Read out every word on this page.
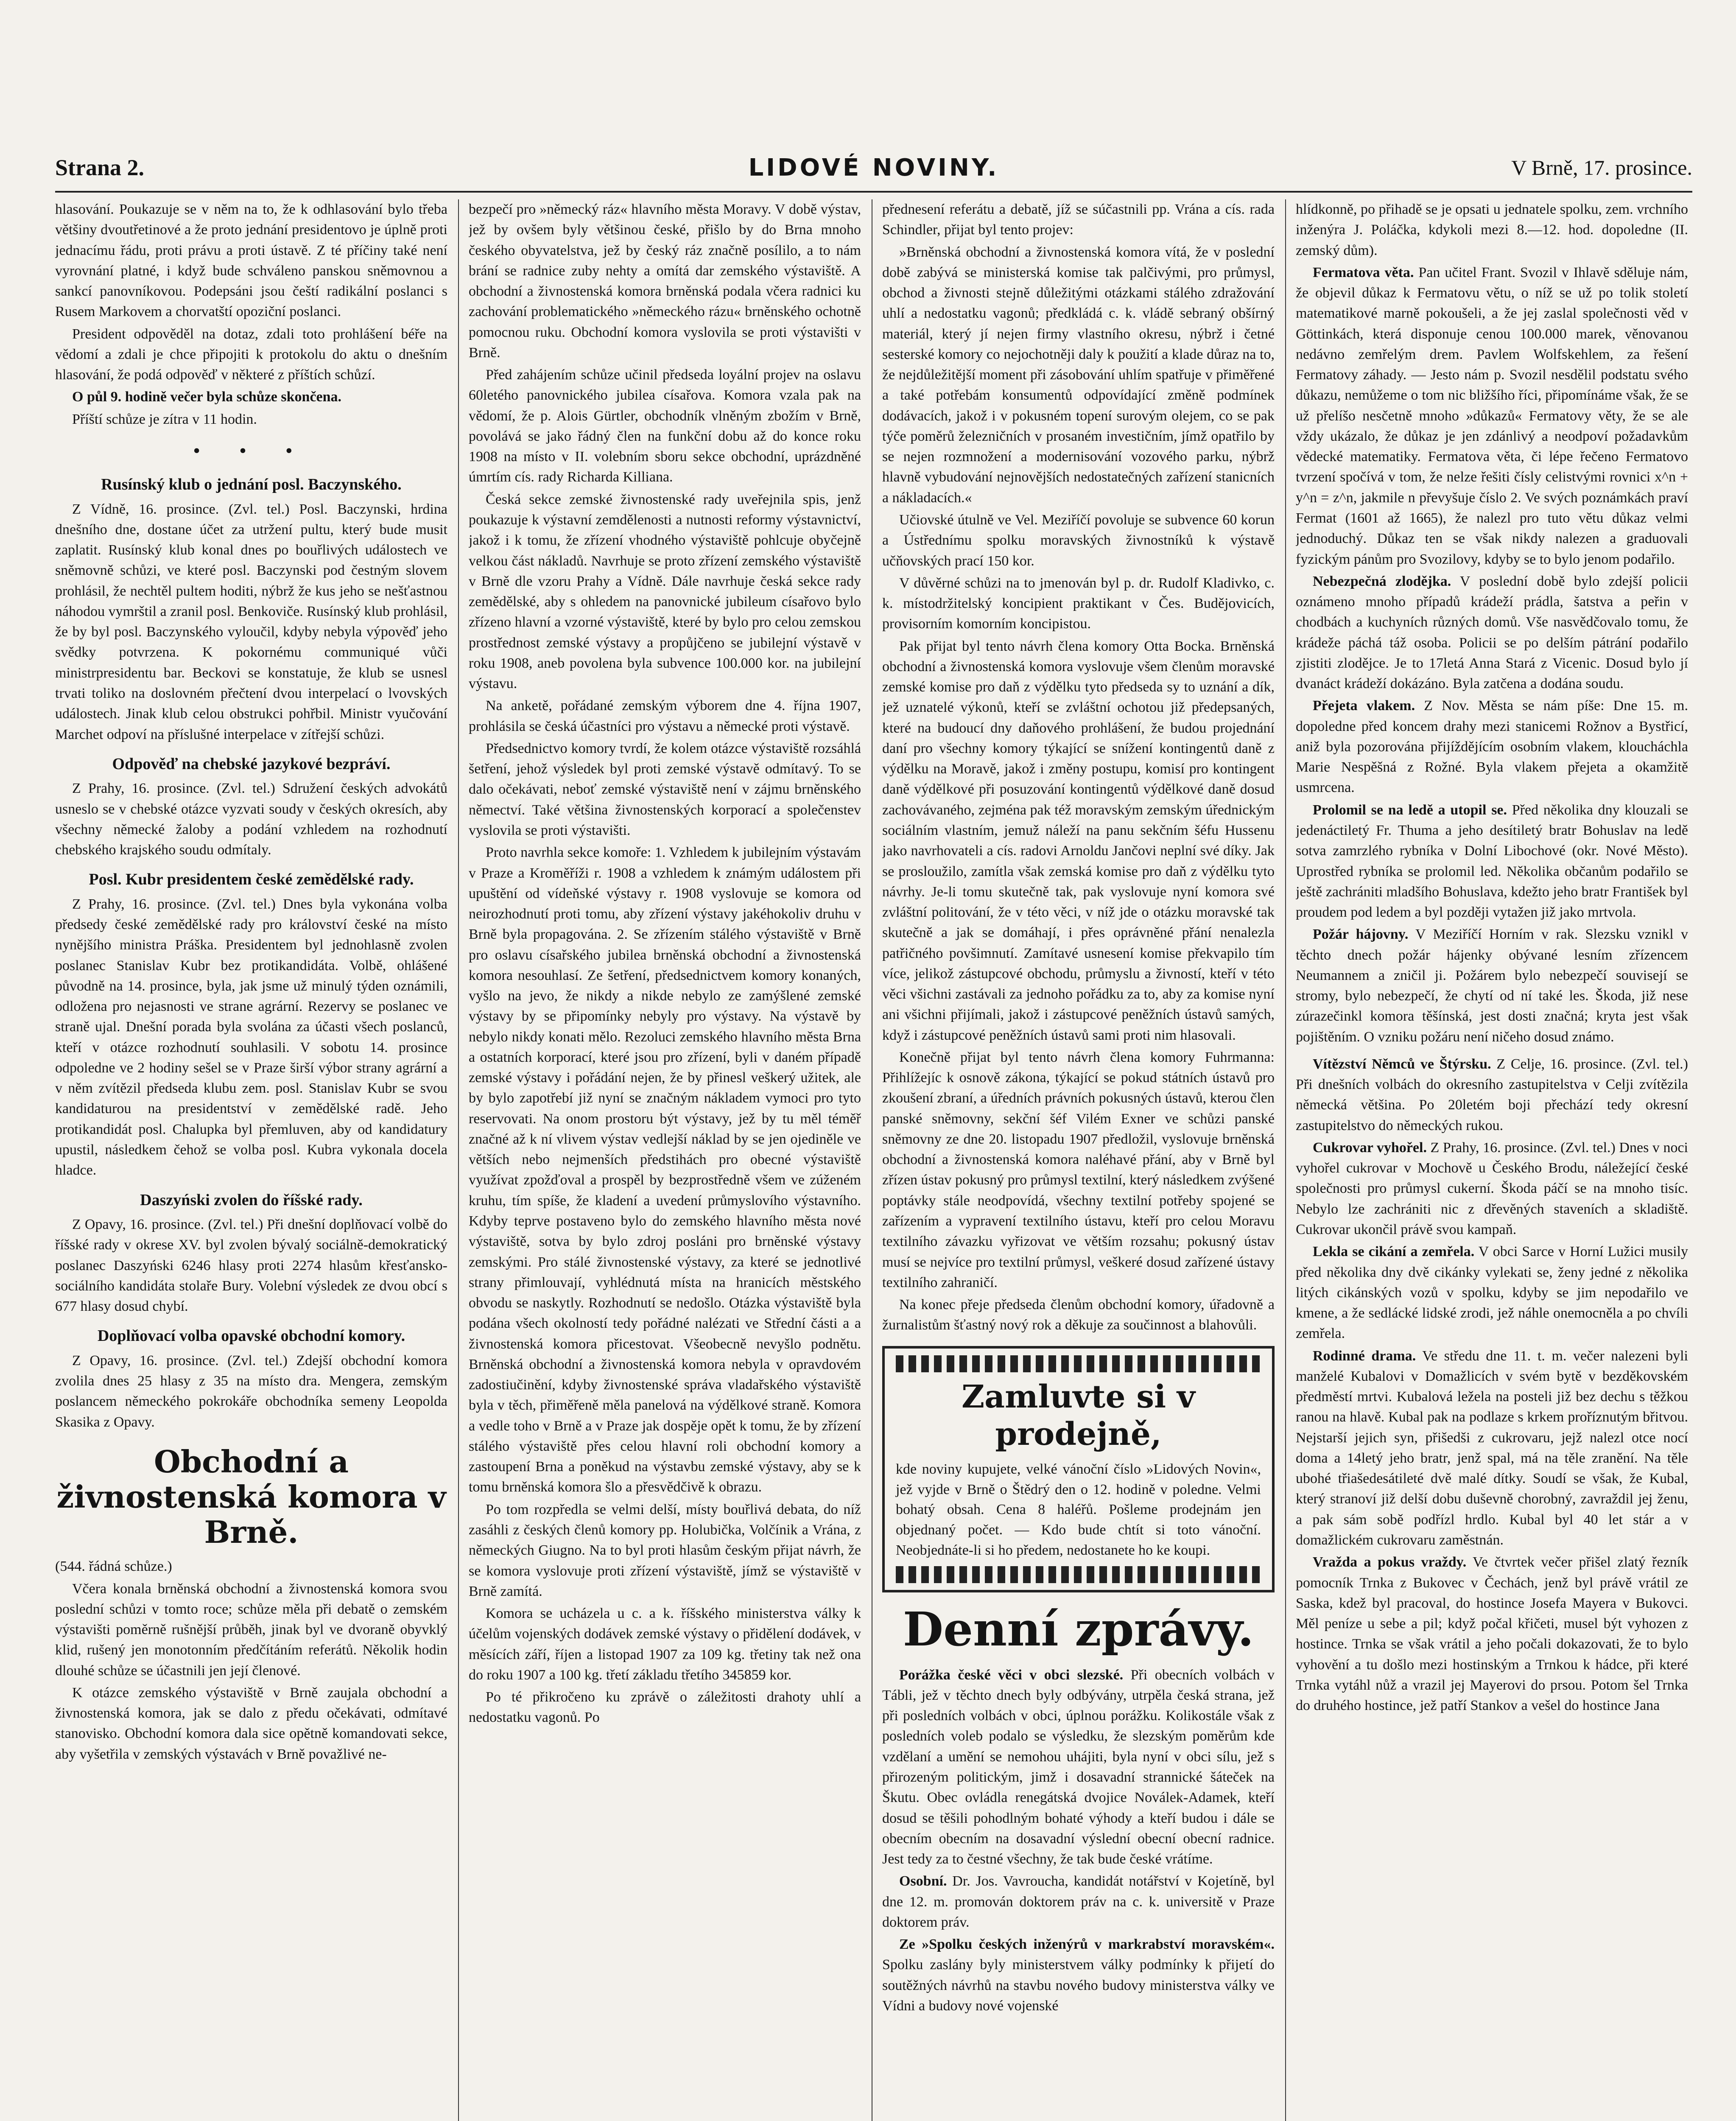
Strana 2.	LIDOVÉ NOVINY.	V Brně, 17. prosince.

hlasování. Poukazuje se v něm na to, že k odhlasování bylo třeba většiny dvoutřetinové a že proto jednání presidentovo je úplně proti jednacímu řádu, proti právu a proti ústavě. Z té příčiny také není vyrovnání platné, i když bude schváleno panskou sněmovnou a sankcí panovníkovou. Podepsáni jsou čeští radikální poslanci s Rusem Markovem a chorvatští opoziční poslanci.

President odpověděl na dotaz, zdali toto prohlášení béře na vědomí a zdali je chce připojiti k protokolu do aktu o dnešním hlasování, že podá odpověď v některé z příštích schůzí.

O půl 9. hodině večer byla schůze skončena.

Příští schůze je zítra v 11 hodin.

• • •
Rusínský klub o jednání posl. Baczynského.

Z Vídně, 16. prosince. (Zvl. tel.) Posl. Baczynski, hrdina dnešního dne, dostane účet za utržení pultu, který bude musit zaplatit. Rusínský klub konal dnes po bouřlivých událostech ve sněmovně schůzi, ve které posl. Baczynski pod čestným slovem prohlásil, že nechtěl pultem hoditi, nýbrž že kus jeho se nešťastnou náhodou vymrštil a zranil posl. Benkoviče. Rusínský klub prohlásil, že by byl posl. Baczynského vyloučil, kdyby nebyla výpověď jeho svědky potvrzena. K pokornému communiqué vůči ministrpresidentu bar. Beckovi se konstatuje, že klub se usnesl trvati toliko na doslovném přečtení dvou interpelací o lvovských událostech. Jinak klub celou obstrukci pohřbil. Ministr vyučování Marchet odpoví na příslušné interpelace v zítřejší schůzi.

Odpověď na chebské jazykové bezpráví.

Z Prahy, 16. prosince. (Zvl. tel.) Sdružení českých advokátů usneslo se v chebské otázce vyzvati soudy v českých okresích, aby všechny německé žaloby a podání vzhledem na rozhodnutí chebského krajského soudu odmítaly.

Posl. Kubr presidentem české zemědělské rady.

Z Prahy, 16. prosince. (Zvl. tel.) Dnes byla vykonána volba předsedy české zemědělské rady pro království české na místo nynějšího ministra Práška. Presidentem byl jednohlasně zvolen poslanec Stanislav Kubr bez protikandidáta. Volbě, ohlášené původně na 14. prosince, byla, jak jsme už minulý týden oznámili, odložena pro nejasnosti ve strane agrární. Rezervy se poslanec ve straně ujal. Dnešní porada byla svolána za účasti všech poslanců, kteří v otázce rozhodnutí souhlasili. V sobotu 14. prosince odpoledne ve 2 hodiny sešel se v Praze širší výbor strany agrární a v něm zvítězil předseda klubu zem. posl. Stanislav Kubr se svou kandidaturou na presidentství v zemědělské radě. Jeho protikandidát posl. Chalupka byl přemluven, aby od kandidatury upustil, následkem čehož se volba posl. Kubra vykonala docela hladce.

Daszyński zvolen do říšské rady.

Z Opavy, 16. prosince. (Zvl. tel.) Při dnešní doplňovací volbě do říšské rady v okrese XV. byl zvolen bývalý sociálně-demokratický poslanec Daszyński 6246 hlasy proti 2274 hlasům křesťansko-sociálního kandidáta stolaře Bury. Volební výsledek ze dvou obcí s 677 hlasy dosud chybí.

Doplňovací volba opavské obchodní komory.

Z Opavy, 16. prosince. (Zvl. tel.) Zdejší obchodní komora zvolila dnes 25 hlasy z 35 na místo dra. Mengera, zemským poslancem německého pokrokáře obchodníka semeny Leopolda Skasika z Opavy.

Obchodní a živnostenská komora v Brně.

(544. řádná schůze.)

Včera konala brněnská obchodní a živnostenská komora svou poslední schůzi v tomto roce; schůze měla při debatě o zemském výstavišti poměrně rušnější průběh, jinak byl ve dvoraně obyvklý klid, rušený jen monotonním předčítáním referátů. Několik hodin dlouhé schůze se účastnili jen její členové.

K otázce zemského výstaviště v Brně zaujala obchodní a živnostenská komora, jak se dalo z předu očekávati, odmítavé stanovisko. Obchodní komora dala sice opětně komandovati sekce, aby vyšetřila v zemských výstavách v Brně považlivé ne-

bezpečí pro »německý ráz« hlavního města Moravy. V době výstav, jež by ovšem byly většinou české, přišlo by do Brna mnoho českého obyvatelstva, jež by český ráz značně posílilo, a to nám brání se radnice zuby nehty a omítá dar zemského výstaviště. A obchodní a živnostenská komora brněnská podala včera radnici ku zachování problematického »německého rázu« brněnského ochotně pomocnou ruku. Obchodní komora vyslovila se proti výstavišti v Brně.

Před zahájením schůze učinil předseda loyální projev na oslavu 60letého panovnického jubilea císařova. Komora vzala pak na vědomí, že p. Alois Gürtler, obchodník vlněným zbožím v Brně, povolává se jako řádný člen na funkční dobu až do konce roku 1908 na místo v II. volebním sboru sekce obchodní, uprázdněné úmrtím cís. rady Richarda Killiana.

Česká sekce zemské živnostenské rady uveřejnila spis, jenž poukazuje k výstavní zemdělenosti a nutnosti reformy výstavnictví, jakož i k tomu, že zřízení vhodného výstaviště pohlcuje obyčejně velkou část nákladů. Navrhuje se proto zřízení zemského výstaviště v Brně dle vzoru Prahy a Vídně. Dále navrhuje česká sekce rady zemědělské, aby s ohledem na panovnické jubileum císařovo bylo zřízeno hlavní a vzorné výstaviště, které by bylo pro celou zemskou prostřednost zemské výstavy a propůjčeno se jubilejní výstavě v roku 1908, aneb povolena byla subvence 100.000 kor. na jubilejní výstavu.

Na anketě, pořádané zemským výborem dne 4. října 1907, prohlásila se česká účastníci pro výstavu a německé proti výstavě.

Předsednictvo komory tvrdí, že kolem otázce výstaviště rozsáhlá šetření, jehož výsledek byl proti zemské výstavě odmítavý. To se dalo očekávati, neboť zemské výstaviště není v zájmu brněnského němectví. Také většina živnostenských korporací a společenstev vyslovila se proti výstavišti.

Proto navrhla sekce komoře: 1. Vzhledem k jubilejním výstavám v Praze a Kroměříži r. 1908 a vzhledem k známým událostem při upuštění od vídeňské výstavy r. 1908 vyslovuje se komora od neirozhodnutí proti tomu, aby zřízení výstavy jakéhokoliv druhu v Brně byla propagována. 2. Se zřízením stálého výstaviště v Brně pro oslavu císařského jubilea brněnská obchodní a živnostenská komora nesouhlasí. Ze šetření, předsednictvem komory konaných, vyšlo na jevo, že nikdy a nikde nebylo ze zamýšlené zemské výstavy by se připomínky nebyly pro výstavy. Na výstavě by nebylo nikdy konati mělo. Rezoluci zemského hlavního města Brna a ostatních korporací, které jsou pro zřízení, byli v daném případě zemské výstavy i pořádání nejen, že by přinesl veškerý užitek, ale by bylo zapotřebí již nyní se značným nákladem vymoci pro tyto reservovati. Na onom prostoru být výstavy, jež by tu měl téměř značné až k ní vlivem výstav vedlejší náklad by se jen ojediněle ve větších nebo nejmenších předstihách pro obecné výstaviště využívat zpožďoval a prospěl by bezprostředně všem ve zúženém kruhu, tím spíše, že kladení a uvedení průmyslovího výstavního. Kdyby teprve postaveno bylo do zemského hlavního města nové výstaviště, sotva by bylo zdroj posláni pro brněnské výstavy zemskými. Pro stálé živnostenské výstavy, za které se jednotlivé strany přimlouvají, vyhlédnutá místa na hranicích městského obvodu se naskytly. Rozhodnutí se nedošlo. Otázka výstaviště byla podána všech okolností tedy pořádné nalézati ve Střední části a a živnostenská komora přicestovat. Všeobecně nevyšlo podnětu. Brněnská obchodní a živnostenská komora nebyla v opravdovém zadostiučinění, kdyby živnostenské správa vladařského výstaviště byla v těch, přiměřeně měla panelová na výdělkové straně. Komora a vedle toho v Brně a v Praze jak dospěje opět k tomu, že by zřízení stálého výstaviště přes celou hlavní roli obchodní komory a zastoupení Brna a poněkud na výstavbu zemské výstavy, aby se k tomu brněnská komora šlo a přesvědčivě k obrazu.

Po tom rozpředla se velmi delší, místy bouřlivá debata, do níž zasáhli z českých členů komory pp. Holubička, Volčínik a Vrána, z německých Giugno. Na to byl proti hlasům českým přijat návrh, že se komora vyslovuje proti zřízení výstaviště, jímž se výstaviště v Brně zamítá.

Komora se ucházela u c. a k. říšského ministerstva války k účelům vojenských dodávek zemské výstavy o přidělení dodávek, v měsících září, říjen a listopad 1907 za 109 kg. třetiny tak než ona do roku 1907 a 100 kg. třetí základu třetího 345859 kor.

Po té přikročeno ku zprávě o záležitosti drahoty uhlí a nedostatku vagonů. Po

přednesení referátu a debatě, jíž se súčastnili pp. Vrána a cís. rada Schindler, přijat byl tento projev:

»Brněnská obchodní a živnostenská komora vítá, že v poslední době zabývá se ministerská komise tak palčivými, pro průmysl, obchod a živnosti stejně důležitými otázkami stálého zdražování uhlí a nedostatku vagonů; předkládá c. k. vládě sebraný obšírný materiál, který jí nejen firmy vlastního okresu, nýbrž i četné sesterské komory co nejochotněji daly k použití a klade důraz na to, že nejdůležitější moment při zásobování uhlím spatřuje v přiměřené a také potřebám konsumentů odpovídající změně podmínek dodávacích, jakož i v pokusném topení surovým olejem, co se pak týče poměrů železničních v prosaném investičním, jímž opatřilo by se nejen rozmnožení a modernisování vozového parku, nýbrž hlavně vybudování nejnovějších nedostatečných zařízení stanicních a nákladacích.«

Učiovské útulně ve Vel. Meziříčí povoluje se subvence 60 korun a Ústřednímu spolku moravských živnostníků k výstavě učňovských prací 150 kor.

V důvěrné schůzi na to jmenován byl p. dr. Rudolf Kladivko, c. k. místodržitelský koncipient praktikant v Čes. Budějovicích, provisorním komorním koncipistou.

Pak přijat byl tento návrh člena komory Otta Bocka. Brněnská obchodní a živnostenská komora vyslovuje všem členům moravské zemské komise pro daň z výdělku tyto předseda sy to uznání a dík, jež uznatelé výkonů, kteří se zvláštní ochotou již předepsaných, které na budoucí dny daňového prohlášení, že budou projednání daní pro všechny komory týkající se snížení kontingentů daně z výdělku na Moravě, jakož i změny postupu, komisí pro kontingent daně výdělkové při posuzování kontingentů výdělkové daně dosud zachovávaného, zejména pak též moravským zemským úřednickým sociálním vlastním, jemuž náleží na panu sekčním šéfu Hussenu jako navrhovateli a cís. radovi Arnoldu Jančovi neplní své díky. Jak se prosloužilo, zamítla však zemská komise pro daň z výdělku tyto návrhy. Je-li tomu skutečně tak, pak vyslovuje nyní komora své zvláštní politování, že v této věci, v níž jde o otázku moravské tak skutečně a jak se domáhají, i přes oprávněné přání nenalezla patřičného povšimnutí. Zamítavé usnesení komise překvapilo tím více, jelikož zástupcové obchodu, průmyslu a živností, kteří v této věci všichni zastávali za jednoho pořádku za to, aby za komise nyní ani všichni přijímali, jakož i zástupcové peněžních ústavů samých, když i zástupcové peněžních ústavů sami proti nim hlasovali.

Konečně přijat byl tento návrh člena komory Fuhrmanna: Přihlížejíc k osnově zákona, týkající se pokud státních ústavů pro zkoušení zbraní, a úředních právních pokusných ústavů, kterou člen panské sněmovny, sekční šéf Vilém Exner ve schůzi panské sněmovny ze dne 20. listopadu 1907 předložil, vyslovuje brněnská obchodní a živnostenská komora naléhavé přání, aby v Brně byl zřízen ústav pokusný pro průmysl textilní, který následkem zvýšené poptávky stále neodpovídá, všechny textilní potřeby spojené se zařízením a vypravení textilního ústavu, kteří pro celou Moravu textilního závazku vyřizovat ve větším rozsahu; pokusný ústav musí se nejvíce pro textilní průmysl, veškeré dosud zařízené ústavy textilního zahraničí.

Na konec přeje předseda členům obchodní komory, úřadovně a žurnalistům šťastný nový rok a děkuje za součinnost a blahovůli.

Zamluvte si v prodejně,
kde noviny kupujete, velké vánoční číslo »Lidových Novin«, jež vyjde v Brně o Štědrý den o 12. hodině v poledne. Velmi bohatý obsah. Cena 8 haléřů. Pošleme prodejnám jen objednaný počet. — Kdo bude chtít si toto vánoční. Neobjednáte-li si ho předem, nedostanete ho ke koupi.
Denní zprávy.

Porážka české věci v obci slezské. Při obecních volbách v Tábli, jež v těchto dnech byly odbývány, utrpěla česká strana, jež při posledních volbách v obci, úplnou porážku. Kolikostále však z posledních voleb podalo se výsledku, že slezským poměrům kde vzdělaní a umění se nemohou uhájiti, byla nyní v obci sílu, jež s přirozeným politickým, jimž i dosavadní strannické šáteček na Škutu. Obec ovládla renegátská dvojice Noválek-Adamek, kteří dosud se těšili pohodlným bohaté výhody a kteří budou i dále se obecním obecním na dosavadní výslední obecní obecní radnice. Jest tedy za to čestné všechny, že tak bude české vrátíme.

Osobní. Dr. Jos. Vavroucha, kandidát notářství v Kojetíně, byl dne 12. m. promován doktorem práv na c. k. universitě v Praze doktorem práv.

Ze »Spolku českých inženýrů v markrabství moravském«. Spolku zaslány byly ministerstvem války podmínky k přijetí do soutěžných návrhů na stavbu nového budovy ministerstva války ve Vídni a budovy nové vojenské

hlídkonně, po přihadě se je opsati u jednatele spolku, zem. vrchního inženýra J. Poláčka, kdykoli mezi 8.—12. hod. dopoledne (II. zemský dům).

Fermatova věta. Pan učitel Frant. Svozil v Ihlavě sděluje nám, že objevil důkaz k Fermatovu větu, o níž se už po tolik století matematikové marně pokoušeli, a že jej zaslal společnosti věd v Göttinkách, která disponuje cenou 100.000 marek, věnovanou nedávno zemřelým drem. Pavlem Wolfskehlem, za řešení Fermatovy záhady. — Jesto nám p. Svozil nesdělil podstatu svého důkazu, nemůžeme o tom nic bližšího říci, připomínáme však, že se už přelíšo nesčetně mnoho »důkazů« Fermatovy věty, že se ale vždy ukázalo, že důkaz je jen zdánlivý a neodpoví požadavkům vědecké matematiky. Fermatova věta, či lépe řečeno Fermatovo tvrzení spočívá v tom, že nelze řešiti čísly celistvými rovnici x^n + y^n = z^n, jakmile n převyšuje číslo 2. Ve svých poznámkách praví Fermat (1601 až 1665), že nalezl pro tuto větu důkaz velmi jednoduchý. Důkaz ten se však nikdy nalezen a graduovali fyzickým pánům pro Svozilovy, kdyby se to bylo jenom podařilo.

Nebezpečná zlodějka. V poslední době bylo zdejší policii oznámeno mnoho případů krádeží prádla, šatstva a peřin v chodbách a kuchyních různých domů. Vše nasvědčovalo tomu, že krádeže páchá táž osoba. Policii se po delším pátrání podařilo zjistiti zlodějce. Je to 17letá Anna Stará z Vicenic. Dosud bylo jí dvanáct krádeží dokázáno. Byla zatčena a dodána soudu.

Přejeta vlakem. Z Nov. Města se nám píše: Dne 15. m. dopoledne před koncem drahy mezi stanicemi Rožnov a Bystřicí, aniž byla pozorována přijíždějícím osobním vlakem, kloucháchla Marie Nespěšná z Rožné. Byla vlakem přejeta a okamžitě usmrcena.

Prolomil se na ledě a utopil se. Před několika dny klouzali se jedenáctiletý Fr. Thuma a jeho desítiletý bratr Bohuslav na ledě sotva zamrzlého rybníka v Dolní Libochové (okr. Nové Město). Uprostřed rybníka se prolomil led. Několika občanům podařilo se ještě zachrániti mladšího Bohuslava, kdežto jeho bratr František byl proudem pod ledem a byl později vytažen již jako mrtvola.

Požár hájovny. V Meziříčí Horním v rak. Slezsku vznikl v těchto dnech požár hájenky obývané lesním zřízencem Neumannem a zničil ji. Požárem bylo nebezpečí souvisejí se stromy, bylo nebezpečí, že chytí od ní také les. Škoda, již nese zúrazečinkl komora těšínská, jest dosti značná; kryta jest však pojištěním. O vzniku požáru není ničeho dosud známo.

Vítězství Němců ve Štýrsku. Z Celje, 16. prosince. (Zvl. tel.) Při dnešních volbách do okresního zastupitelstva v Celji zvítězila německá většina. Po 20letém boji přechází tedy okresní zastupitelstvo do německých rukou.

Cukrovar vyhořel. Z Prahy, 16. prosince. (Zvl. tel.) Dnes v noci vyhořel cukrovar v Mochově u Českého Brodu, náležející české společnosti pro průmysl cukerní. Škoda páčí se na mnoho tisíc. Nebylo lze zachrániti nic z dřevěných staveních a skladiště. Cukrovar ukončil právě svou kampaň.

Lekla se cikání a zemřela. V obci Sarce v Horní Lužici musily před několika dny dvě cikánky vylekati se, ženy jedné z několika litých cikánských vozů v spolku, kdyby se jim nepodařilo ve kmene, a že sedlácké lidské zrodi, jež náhle onemocněla a po chvíli zemřela.

Rodinné drama. Ve středu dne 11. t. m. večer nalezeni byli manželé Kubalovi v Domažlicích v svém bytě v bezděkovském předměstí mrtvi. Kubalová ležela na posteli již bez dechu s těžkou ranou na hlavě. Kubal pak na podlaze s krkem proříznutým břitvou. Nejstarší jejich syn, přišedši z cukrovaru, jejž nalezl otce nocí doma a 14letý jeho bratr, jenž spal, má na těle zranění. Na těle ubohé třiašedesátileté dvě malé dítky. Soudí se však, že Kubal, který stranoví již delší dobu duševně chorobný, zavraždil jej ženu, a pak sám sobě podřízl hrdlo. Kubal byl 40 let stár a v domažlickém cukrovaru zaměstnán.

Vražda a pokus vraždy. Ve čtvrtek večer přišel zlatý řezník pomocník Trnka z Bukovec v Čechách, jenž byl právě vrátil ze Saska, kdež byl pracoval, do hostince Josefa Mayera v Bukovci. Měl peníze u sebe a pil; když počal křičeti, musel být vyhozen z hostince. Trnka se však vrátil a jeho počali dokazovati, že to bylo vyhovění a tu došlo mezi hostinským a Trnkou k hádce, při které Trnka vytáhl nůž a vrazil jej Mayerovi do prsou. Potom šel Trnka do druhého hostince, jež patří Stankov a vešel do hostince Jana
